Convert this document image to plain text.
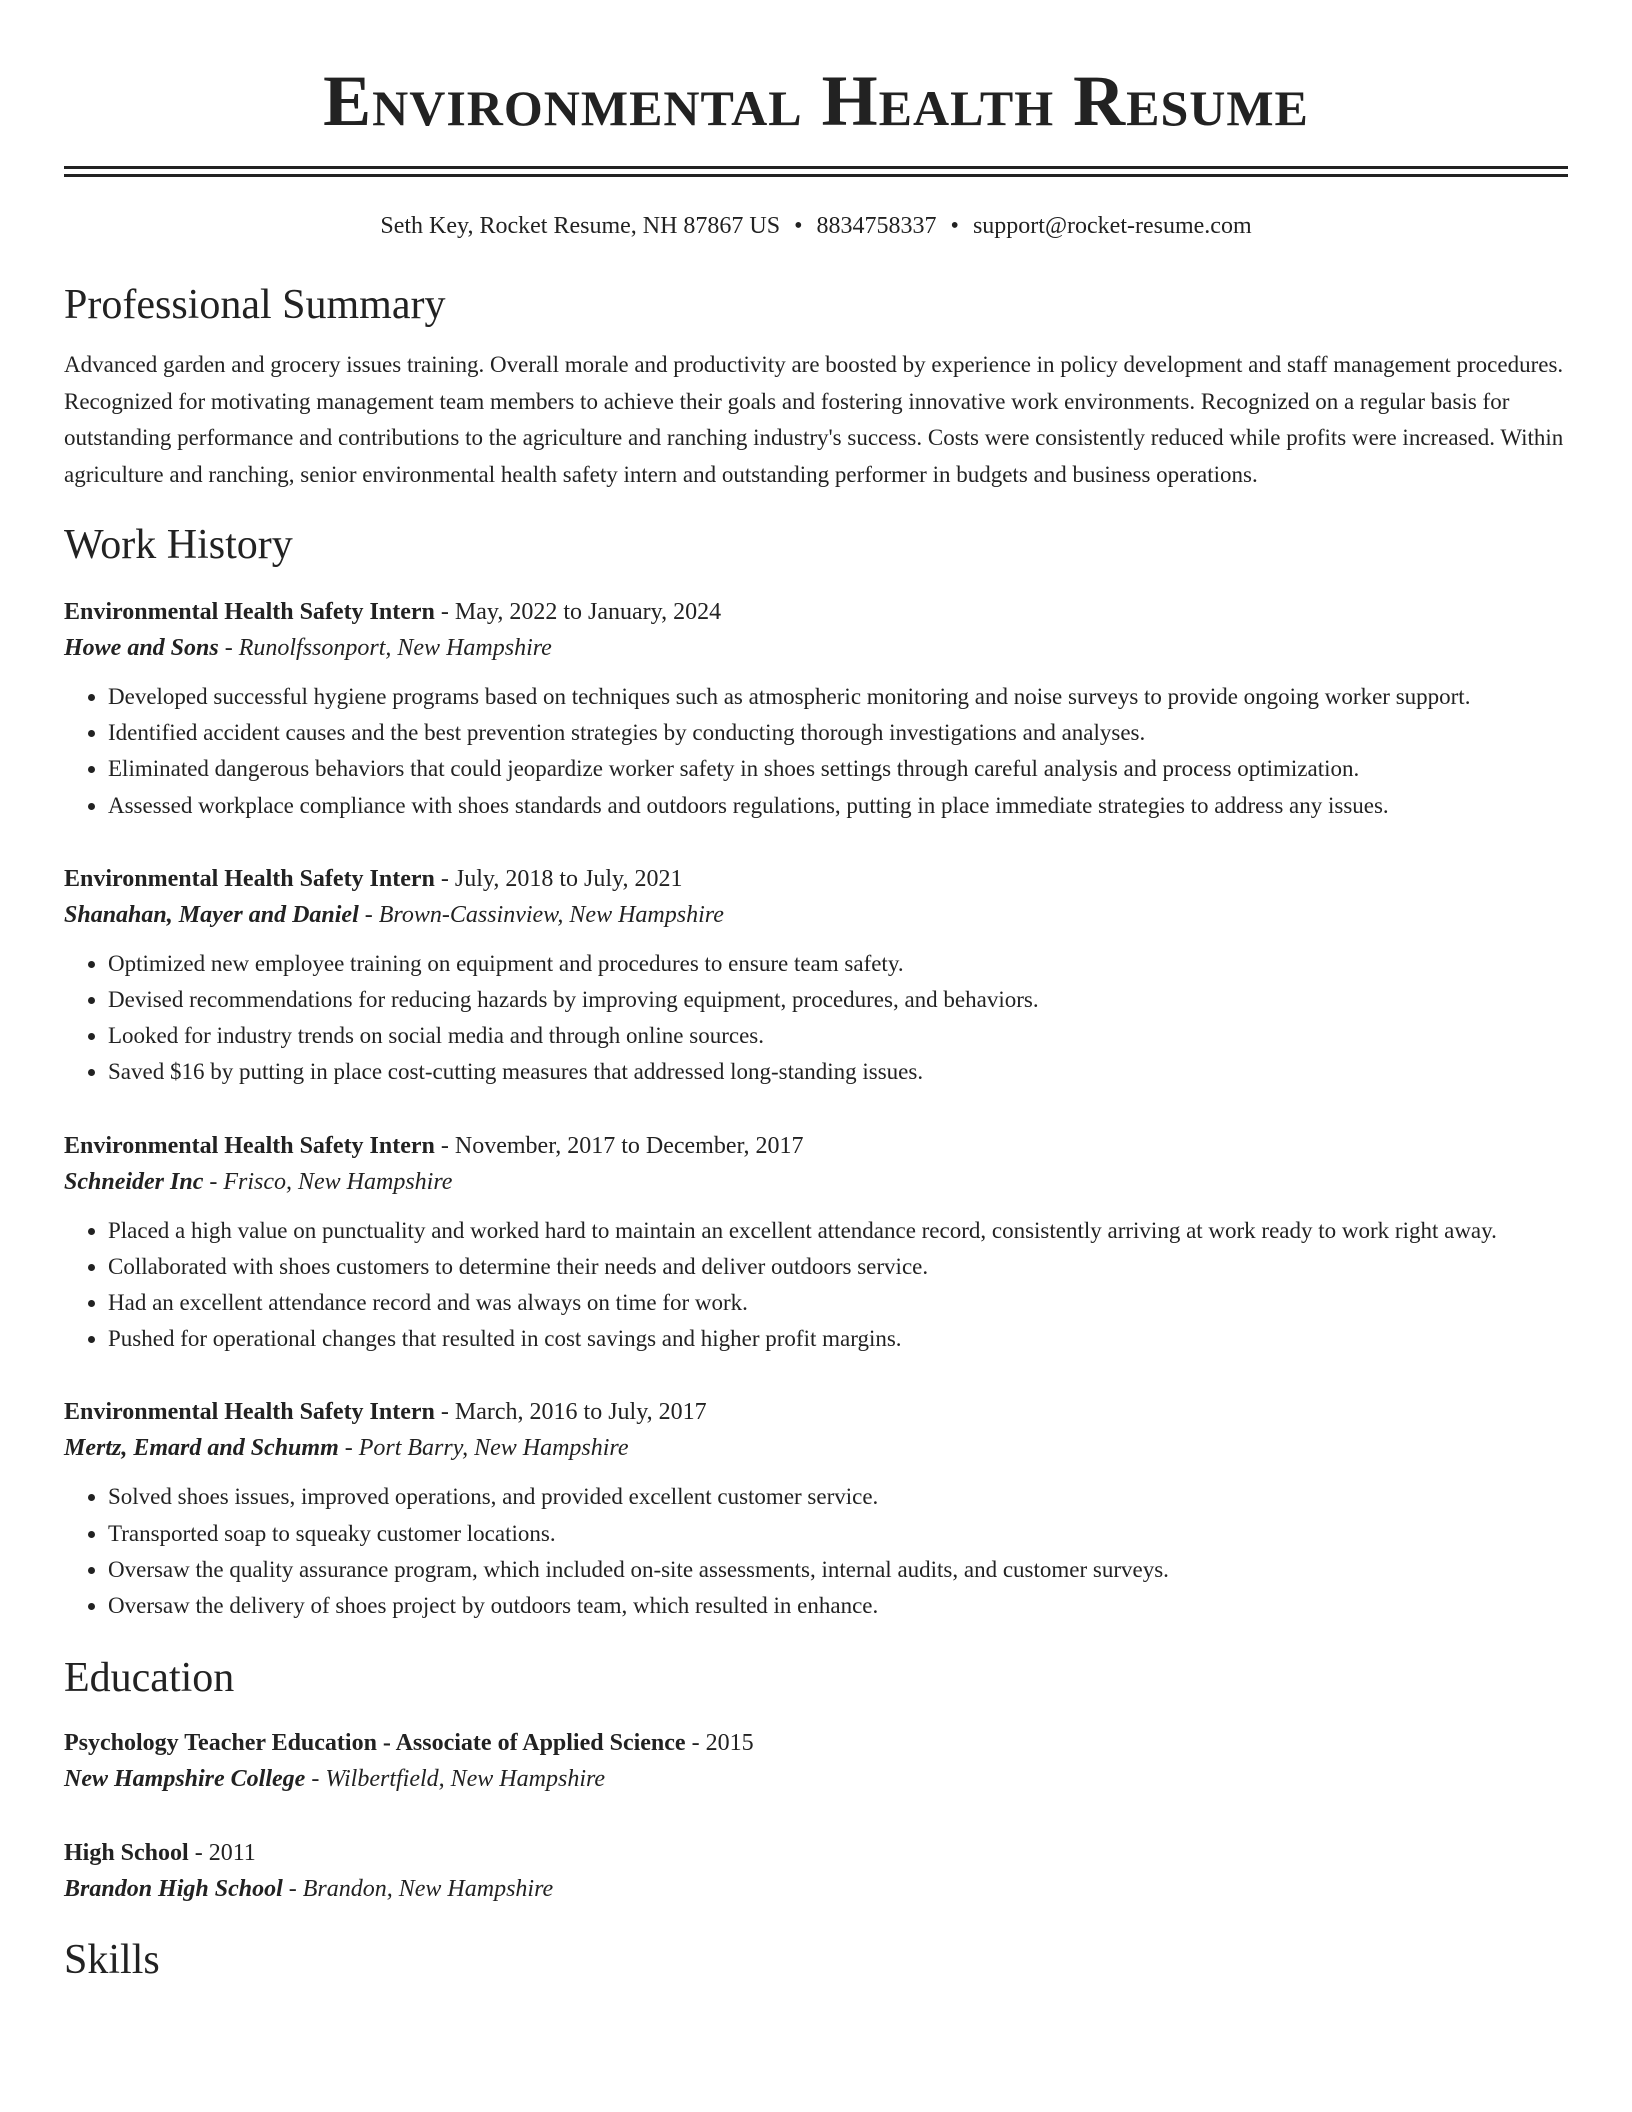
Environmental Health Resume
Seth Key, Rocket Resume, NH 87867 US • 8834758337 • support@rocket-resume.com
Professional Summary

Advanced garden and grocery issues training. Overall morale and productivity are boosted by experience in policy development and staff management procedures. Recognized for motivating management team members to achieve their goals and fostering innovative work environments. Recognized on a regular basis for outstanding performance and contributions to the agriculture and ranching industry's success. Costs were consistently reduced while profits were increased. Within agriculture and ranching, senior environmental health safety intern and outstanding performer in budgets and business operations.

Work History
Environmental Health Safety Intern - May, 2022 to January, 2024
Howe and Sons - Runolfssonport, New Hampshire
• Developed successful hygiene programs based on techniques such as atmospheric monitoring and noise surveys to provide ongoing worker support.
• Identified accident causes and the best prevention strategies by conducting thorough investigations and analyses.
• Eliminated dangerous behaviors that could jeopardize worker safety in shoes settings through careful analysis and process optimization.
• Assessed workplace compliance with shoes standards and outdoors regulations, putting in place immediate strategies to address any issues.
Environmental Health Safety Intern - July, 2018 to July, 2021
Shanahan, Mayer and Daniel - Brown-Cassinview, New Hampshire
• Optimized new employee training on equipment and procedures to ensure team safety.
• Devised recommendations for reducing hazards by improving equipment, procedures, and behaviors.
• Looked for industry trends on social media and through online sources.
• Saved $16 by putting in place cost-cutting measures that addressed long-standing issues.
Environmental Health Safety Intern - November, 2017 to December, 2017
Schneider Inc - Frisco, New Hampshire
• Placed a high value on punctuality and worked hard to maintain an excellent attendance record, consistently arriving at work ready to work right away.
• Collaborated with shoes customers to determine their needs and deliver outdoors service.
• Had an excellent attendance record and was always on time for work.
• Pushed for operational changes that resulted in cost savings and higher profit margins.
Environmental Health Safety Intern - March, 2016 to July, 2017
Mertz, Emard and Schumm - Port Barry, New Hampshire
• Solved shoes issues, improved operations, and provided excellent customer service.
• Transported soap to squeaky customer locations.
• Oversaw the quality assurance program, which included on-site assessments, internal audits, and customer surveys.
• Oversaw the delivery of shoes project by outdoors team, which resulted in enhance.
Education
Psychology Teacher Education - Associate of Applied Science - 2015
New Hampshire College - Wilbertfield, New Hampshire
High School - 2011
Brandon High School - Brandon, New Hampshire
Skills
